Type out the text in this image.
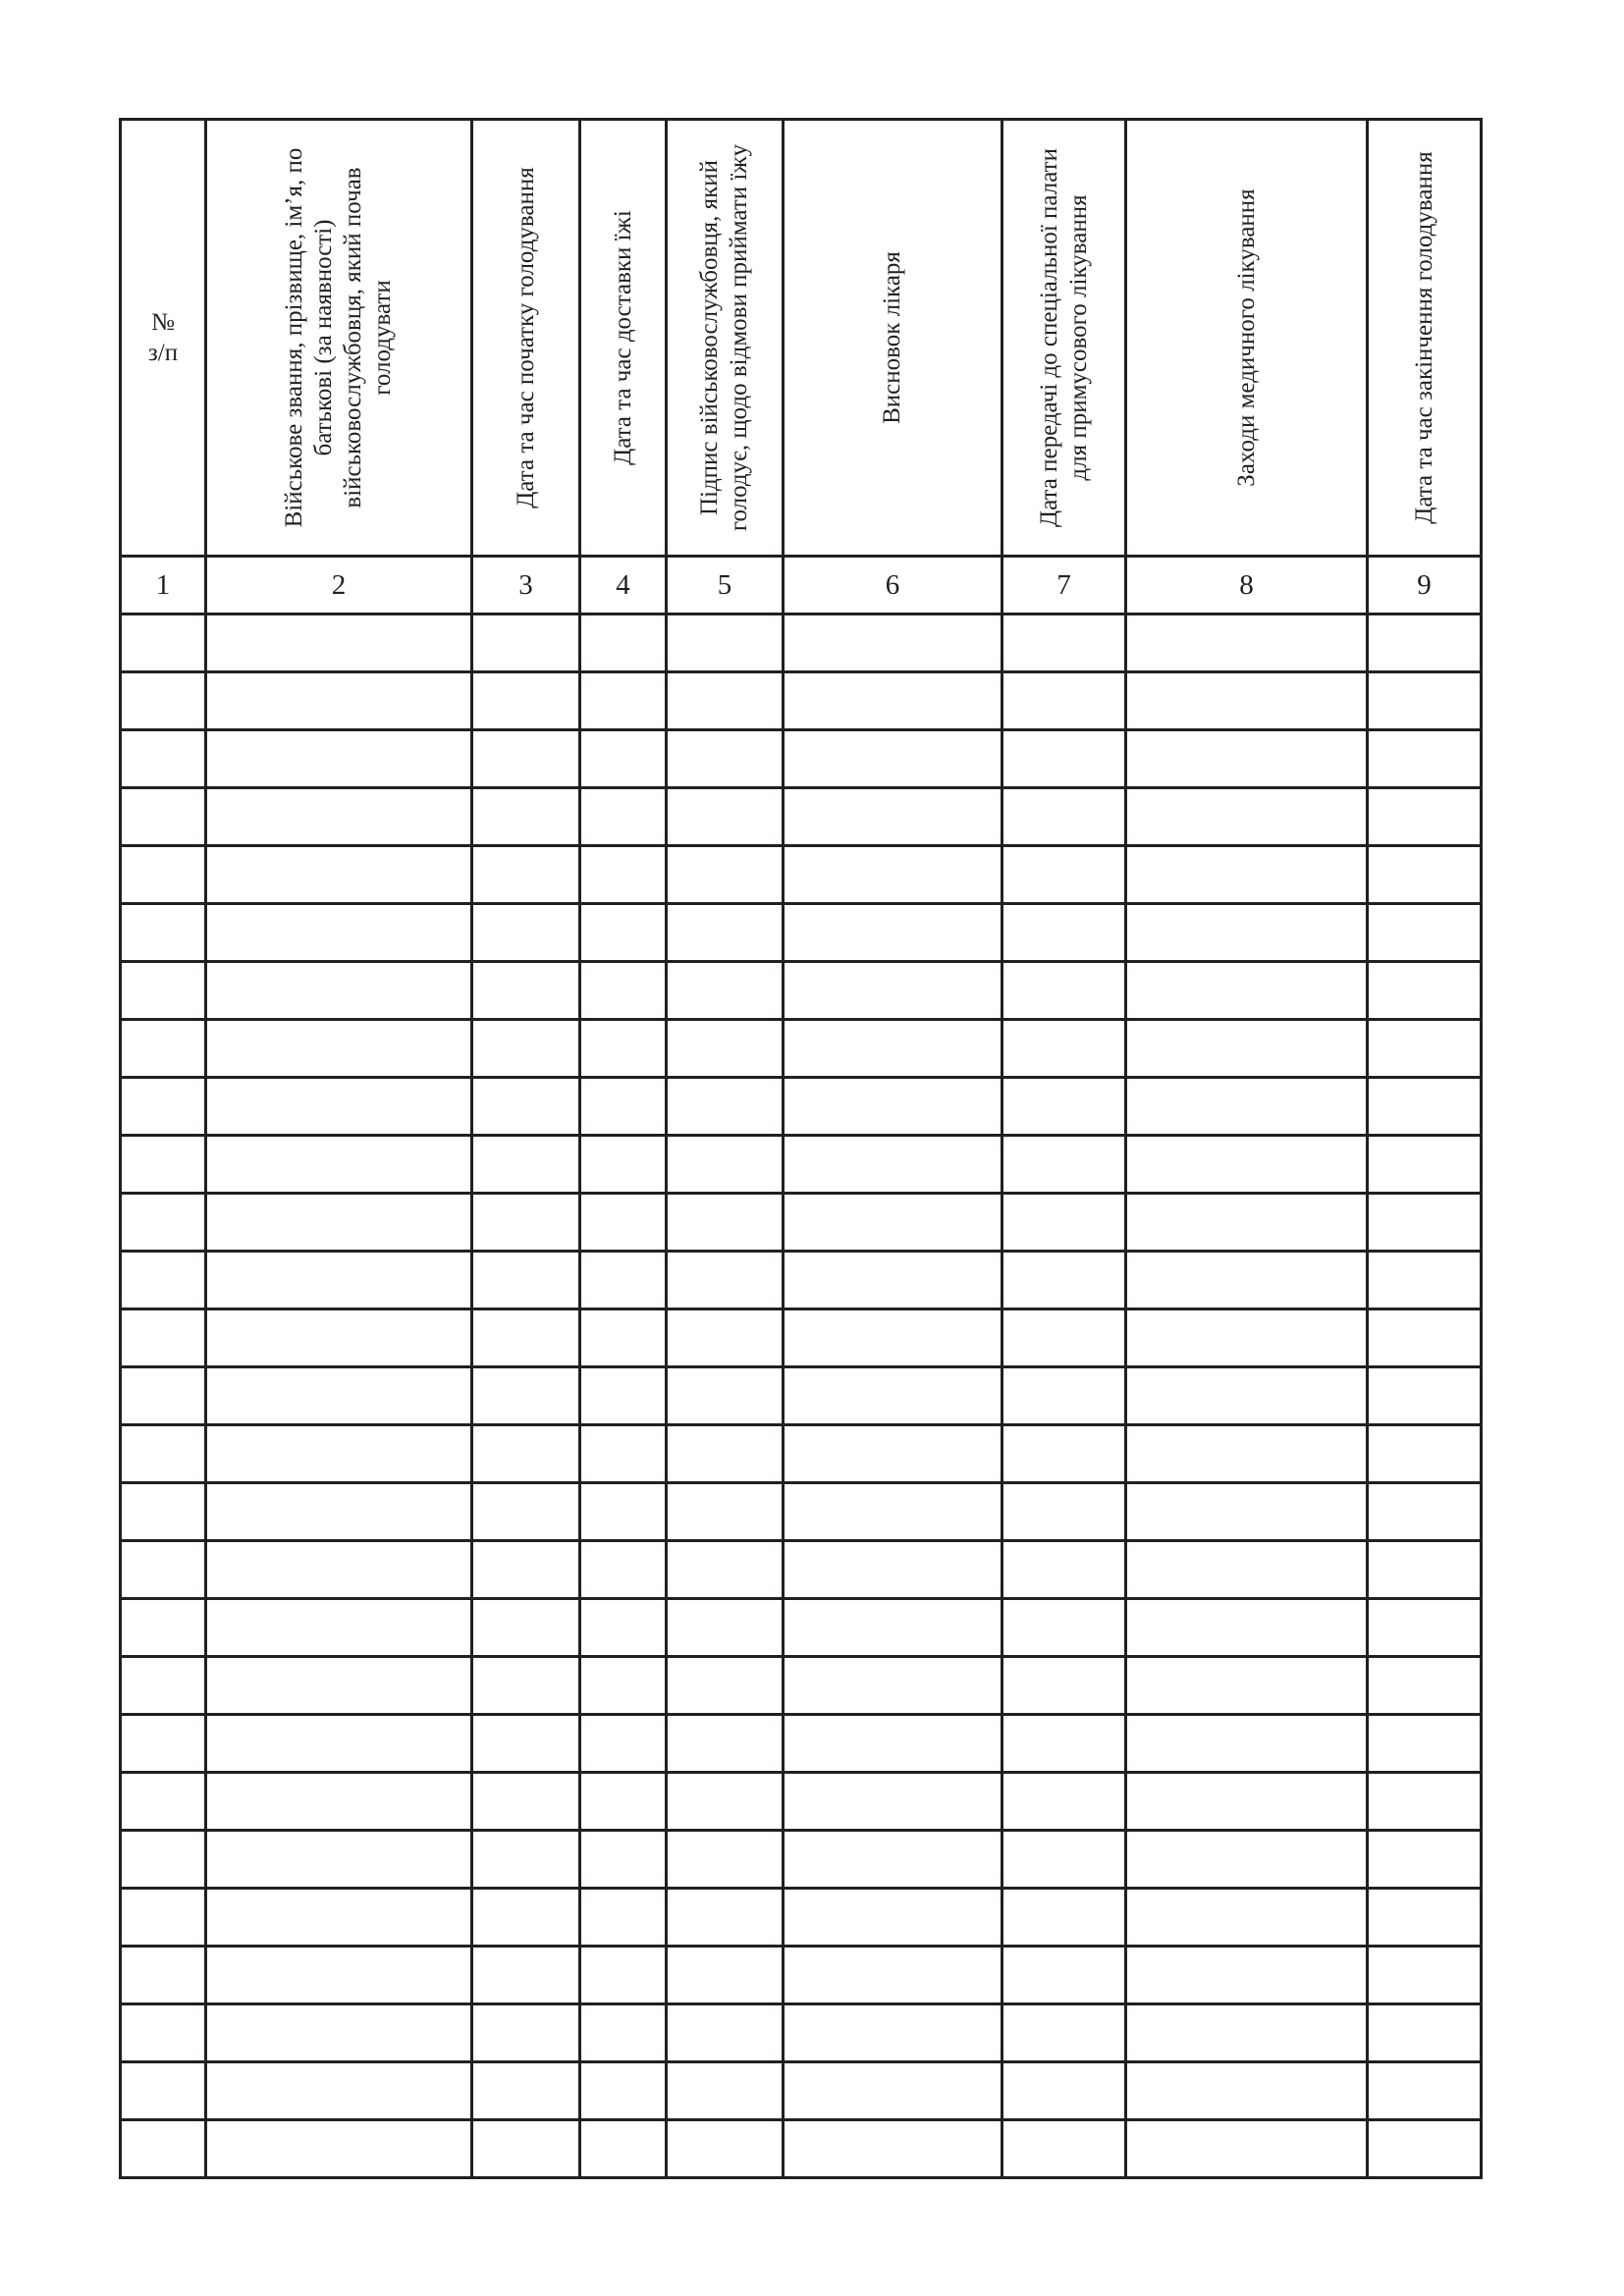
№
з/п	Військове звання, прізвище, ім’я, по батькові (за наявності) військовослужбовця, який почав голодувати	Дата та час початку голодування	Дата та час доставки їжі	Підпис військовослужбовця, який голодує, щодо відмови приймати їжу	Висновок лікаря	Дата передачі до спеціальної палати для примусового лікування	Заходи медичного лікування	Дата та час закінчення голодування

1	2	3	4	5	6	7	8	9
